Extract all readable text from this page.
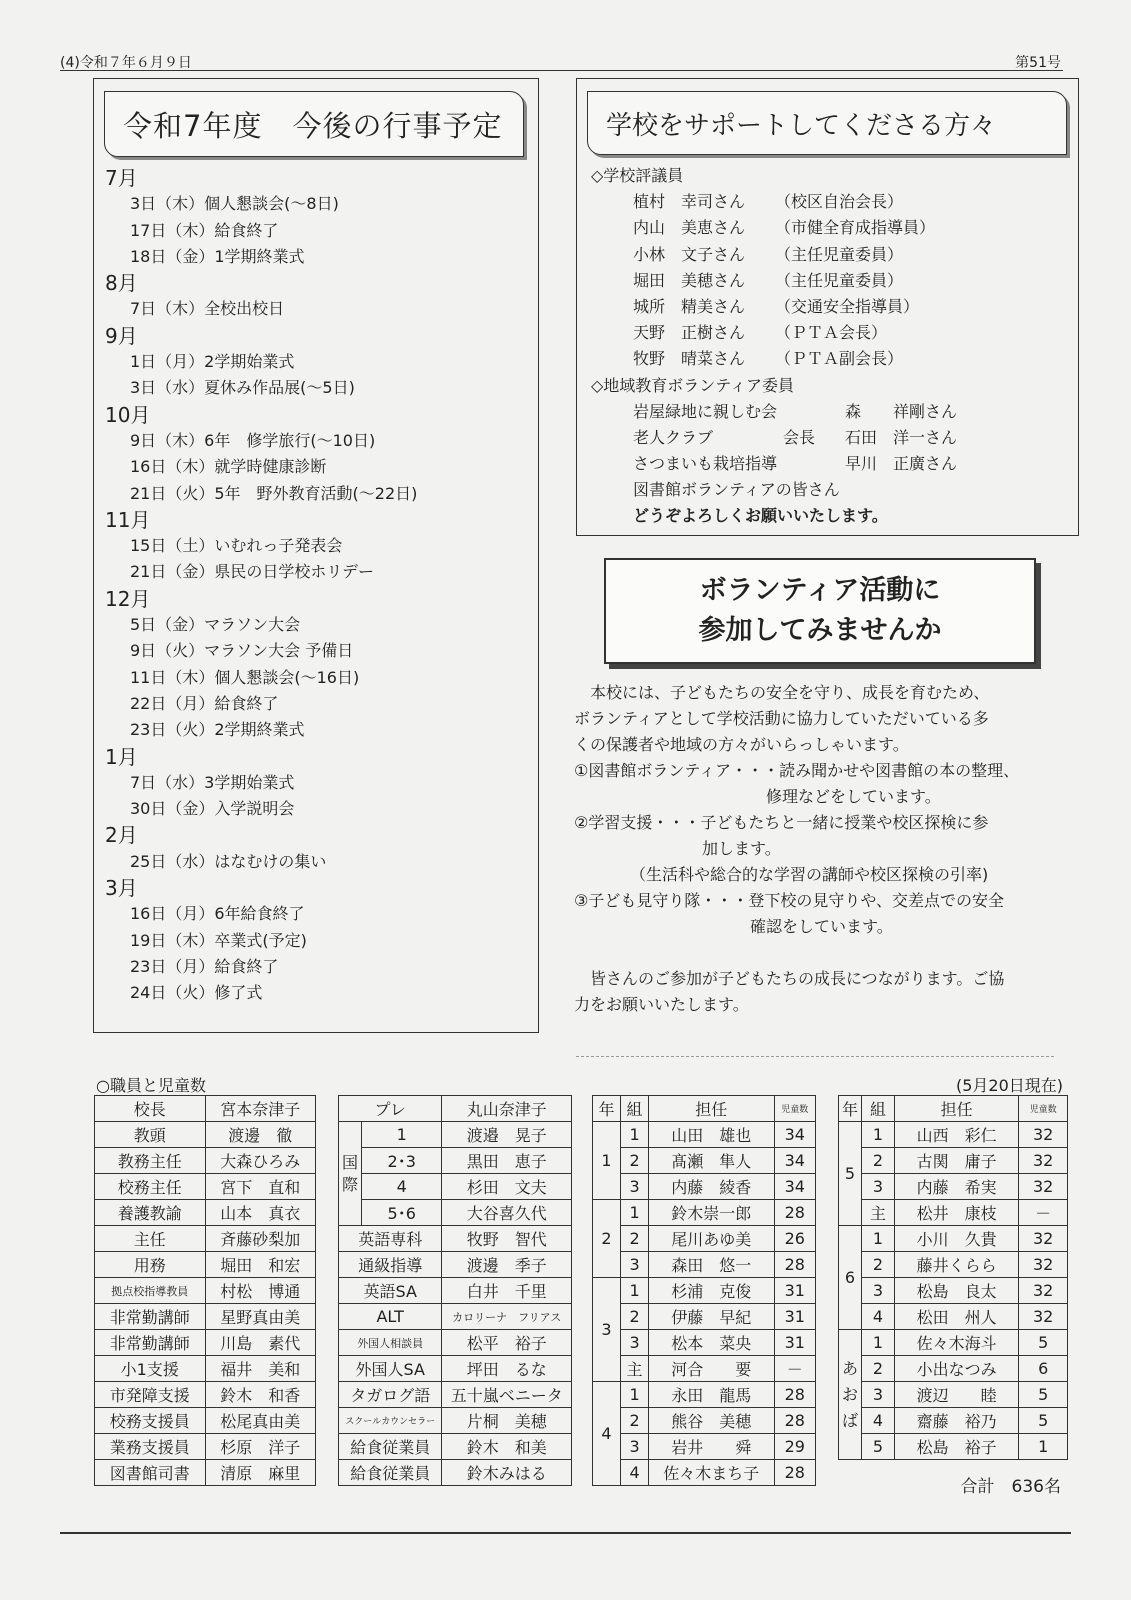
(4)令和７年６月９日	第51号
令和7年度　今後の行事予定
7月
3日（木）個人懇談会(～8日)
17日（木）給食終了
18日（金）1学期終業式
8月
7日（木）全校出校日
9月
1日（月）2学期始業式
3日（水）夏休み作品展(～5日)
10月
9日（木）6年　修学旅行(～10日)
16日（木）就学時健康診断
21日（火）5年　野外教育活動(～22日)
11月
15日（土）いむれっ子発表会
21日（金）県民の日学校ホリデー
12月
5日（金）マラソン大会
9日（火）マラソン大会 予備日
11日（木）個人懇談会(～16日)
22日（月）給食終了
23日（火）2学期終業式
1月
7日（水）3学期始業式
30日（金）入学説明会
2月
25日（水）はなむけの集い
3月
16日（月）6年給食終了
19日（木）卒業式(予定)
23日（月）給食終了
24日（火）修了式
学校をサポートしてくださる方々
◇学校評議員
植村　幸司さん （校区自治会長）
内山　美恵さん （市健全育成指導員）
小林　文子さん （主任児童委員）
堀田　美穂さん （主任児童委員）
城所　精美さん （交通安全指導員）
天野　正樹さん （ＰＴＡ会長）
牧野　晴菜さん （ＰＴＡ副会長）
◇地域教育ボランティア委員
岩屋緑地に親しむ会	森　　祥剛さん
老人クラブ	会長 石田　洋一さん
さつまいも栽培指導	早川　正廣さん
図書館ボランティアの皆さん
どうぞよろしくお願いいたします。
ボランティア活動に
参加してみませんか
　本校には、子どもたちの安全を守り、成長を育むため、
ボランティアとして学校活動に協力していただいている多
くの保護者や地域の方々がいらっしゃいます。
①図書館ボランティア・・・読み聞かせや図書館の本の整理、
　　　　　　　　　　　　修理などをしています。
②学習支援・・・子どもたちと一緒に授業や校区探検に参
　　　　　　　　加します。
　　　　（生活科や総合的な学習の講師や校区探検の引率)
③子ども見守り隊・・・登下校の見守りや、交差点での安全
　　　　　　　　　　　確認をしています。
　皆さんのご参加が子どもたちの成長につながります。ご協
力をお願いいたします。
○職員と児童数	(5月20日現在)
校長	宮本奈津子
教頭	渡邊　徹
教務主任	大森ひろみ
校務主任	宮下　直和
養護教諭	山本　真衣
主任	斉藤砂梨加
用務	堀田　和宏
拠点校指導教員	村松　博通
非常勤講師	星野真由美
非常勤講師	川島　素代
小1支援	福井　美和
市発障支援	鈴木　和香
校務支援員	松尾真由美
業務支援員	杉原　洋子
図書館司書	清原　麻里
プレ		丸山奈津子
国際	1	渡邉　晃子
	2･3	黒田　恵子
	4	杉田　文夫
	5･6	大谷喜久代
英語専科		牧野　智代
通級指導		渡邊　季子
英語SA		白井　千里
ALT		カロリーナ　フリアス
外国人相談員		松平　裕子
外国人SA		坪田　るな
タガログ語		五十嵐ベニータ
スクールカウンセラー		片桐　美穂
給食従業員		鈴木　和美
給食従業員		鈴木みはる
年	組	担任	児童数
1	1	山田　雄也	34
	2	髙瀬　隼人	34
	3	内藤　綾香	34
2	1	鈴木崇一郎	28
	2	尾川あゆ美	26
	3	森田　悠一	28
3	1	杉浦　克俊	31
	2	伊藤　早紀	31
	3	松本　菜央	31
	主	河合　　要	－
4	1	永田　龍馬	28
	2	熊谷　美穂	28
	3	岩井　　舜	29
	4	佐々木まち子	28
年	組	担任	児童数
5	1	山西　彩仁	32
	2	古関　庸子	32
	3	内藤　希実	32
	主	松井　康枝	－
6	1	小川　久貴	32
	2	藤井くらら	32
	3	松島　良太	32
	4	松田　州人	32
あおば	1	佐々木海斗	5
	2	小出なつみ	6
	3	渡辺　　睦	5
	4	齋藤　裕乃	5
	5	松島　裕子	1
合計　636名
